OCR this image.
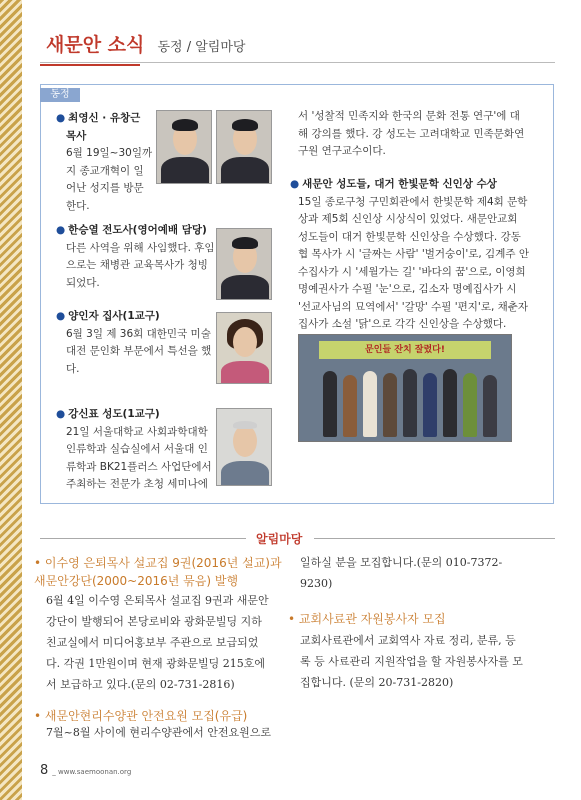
새문안 소식 동정 / 알림마당
동정
● 최영신 · 유창근
목사
6월 19일~30일까
지 종교개혁이 일
어난 성지를 방문
한다.
● 한승열 전도사(영어예배 담당)
다른 사역을 위해 사임했다. 후임
으로는 채병관 교육목사가 청빙
되었다.
● 양인자 집사(1교구)
6월 3일 제 36회 대한민국 미술
대전 문인화 부문에서 특선을 했
다.
● 강신표 성도(1교구)
21일 서울대학교 사회과학대학
인류학과 실습실에서 서울대 인
류학과 BK21플러스 사업단에서
주최하는 전문가 초청 세미나에
서 '성찰적 민족지와 한국의 문화 전통 연구'에 대
해 강의를 했다. 강 성도는 고려대학교 민족문화연
구원 연구교수이다.
● 새문안 성도들, 대거 한빛문학 신인상 수상
15일 종로구청 구민회관에서 한빛문학 제4회 문학
상과 제5회 신인상 시상식이 있었다. 새문안교회
성도들이 대거 한빛문학 신인상을 수상했다. 강동
협 목사가 시 '글짜는 사람' '벌거숭이'로, 김계주 안
수집사가 시 '세월가는 길' '바다의 꿈'으로, 이영희
명예권사가 수필 '눈'으로, 김소자 명예집사가 시
'선교사님의 묘역에서' '갈망' 수필 '편지'로, 채춘자
집사가 소설 '닭'으로 각각 신인상을 수상했다.
문인들 잔치 잘렸다!
알림마당
• 이수영 은퇴목사 설교집 9권(2016년 설교)과
새문안강단(2000~2016년 묶음) 발행
6월 4일 이수영 은퇴목사 설교집 9권과 새문안
강단이 발행되어 본당로비와 광화문빌딩 지하
친교실에서 미디어홍보부 주관으로 보급되었
다. 각권 1만원이며 현재 광화문빌딩 215호에
서 보급하고 있다.(문의 02-731-2816)
• 새문안현리수양관 안전요원 모집(유급)
7월~8월 사이에 현리수양관에서 안전요원으로
일하실 분을 모집합니다.(문의 010-7372-
9230)
• 교회사료관 자원봉사자 모집
교회사료관에서 교회역사 자료 정리, 분류, 등
록 등 사료관리 지원작업을 할 자원봉사자를 모
집합니다. (문의 20-731-2820)
8 _ www.saemoonan.org
